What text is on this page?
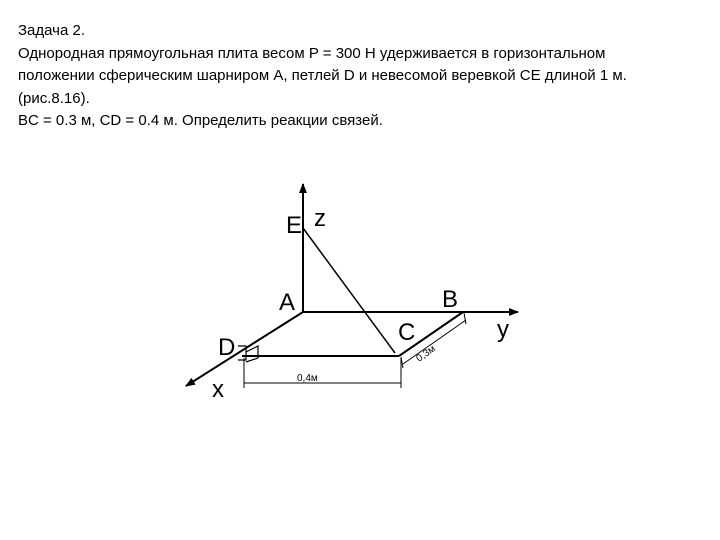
Задача 2.
Однородная прямоугольная плита весом P = 300 Н удерживается в горизонтальном
положении сферическим шарниром A, петлей D и невесомой веревкой CE длиной 1 м.
(рис.8.16).
BC = 0.3 м, CD = 0.4 м. Определить реакции связей.
E z
A	B
C
D
y
x	0,4м
0,3м
